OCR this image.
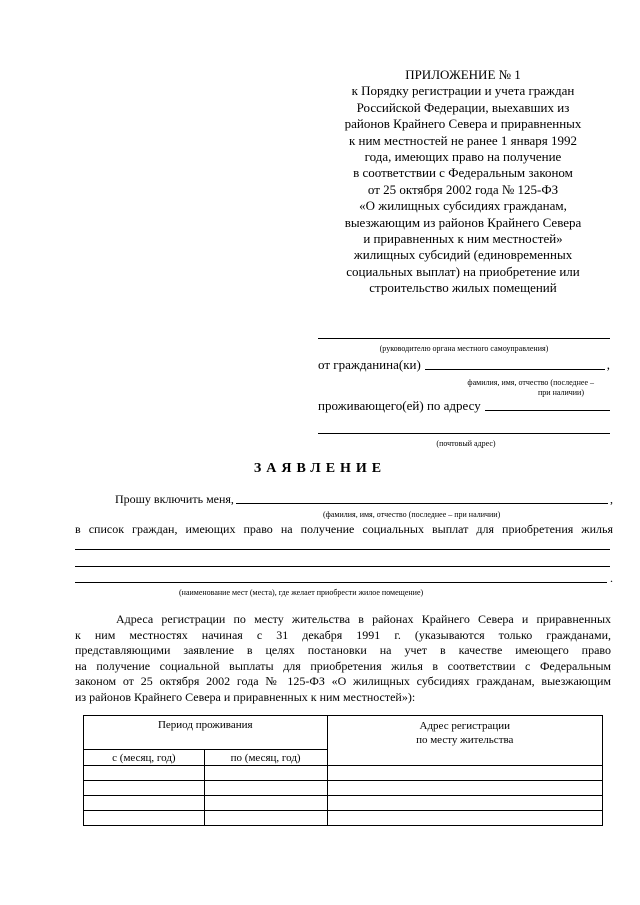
ПРИЛОЖЕНИЕ № 1
к Порядку регистрации и учета граждан
Российской Федерации, выехавших из
районов Крайнего Севера и приравненных
к ним местностей не ранее 1 января 1992
года, имеющих право на получение
в соответствии с Федеральным законом
от 25 октября 2002 года № 125-ФЗ
«О жилищных субсидиях гражданам,
выезжающим из районов Крайнего Севера
и приравненных к ним местностей»
жилищных субсидий (единовременных
социальных выплат) на приобретение или
строительство жилых помещений
(руководителю органа местного самоуправления)
от гражданина(ки)	,
фамилия, имя, отчество (последнее –
при наличии)
проживающего(ей) по адресу
(почтовый адрес)
ЗАЯВЛЕНИЕ
Прошу включить меня,	,
(фамилия, имя, отчество (последнее – при наличии)
в список граждан, имеющих право на получение социальных выплат для приобретения жилья
.
(наименование мест (места), где желает приобрести жилое помещение)
Адреса регистрации по месту жительства в районах Крайнего Севера и приравненных
к ним местностях начиная с 31 декабря 1991 г. (указываются только гражданами,
представляющими заявление в целях постановки на учет в качестве имеющего право
на получение социальной выплаты для приобретения жилья в соответствии с Федеральным
законом от 25 октября 2002 года № 125-ФЗ «О жилищных субсидиях гражданам, выезжающим
из районов Крайнего Севера и приравненных к ним местностей»):
Период проживания		Адрес регистрации
по месту жительства

с (месяц, год)	по (месяц, год)	
